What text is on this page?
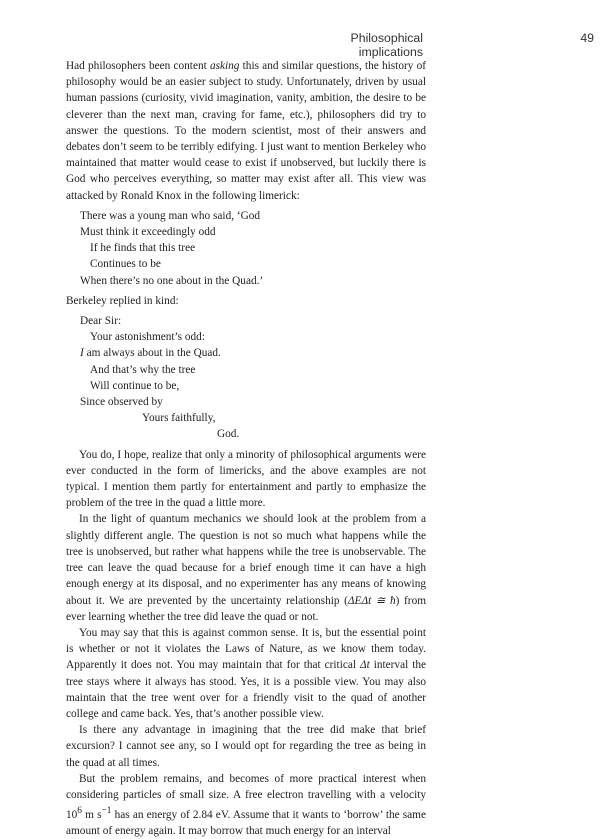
Philosophical implications
49

Had philosophers been content asking this and similar questions, the history of philosophy would be an easier subject to study. Unfortunately, driven by usual human passions (curiosity, vivid imagination, vanity, ambition, the desire to be cleverer than the next man, craving for fame, etc.), philosophers did try to answer the questions. To the modern scientist, most of their answers and debates don’t seem to be terribly edifying. I just want to mention Berkeley who maintained that matter would cease to exist if unobserved, but luckily there is God who perceives everything, so matter may exist after all. This view was attacked by Ronald Knox in the following limerick:

There was a young man who said, ‘God
Must think it exceedingly odd
If he finds that this tree
Continues to be
When there’s no one about in the Quad.’

Berkeley replied in kind:

Dear Sir:
Your astonishment’s odd:
I am always about in the Quad.
And that’s why the tree
Will continue to be,
Since observed by
Yours faithfully,
God.

You do, I hope, realize that only a minority of philosophical arguments were ever conducted in the form of limericks, and the above examples are not typical. I mention them partly for entertainment and partly to emphasize the problem of the tree in the quad a little more.

In the light of quantum mechanics we should look at the problem from a slightly different angle. The question is not so much what happens while the tree is unobserved, but rather what happens while the tree is unobservable. The tree can leave the quad because for a brief enough time it can have a high enough energy at its disposal, and no experimenter has any means of knowing about it. We are prevented by the uncertainty relationship (ΔEΔt ≅ ħ) from ever learning whether the tree did leave the quad or not.

You may say that this is against common sense. It is, but the essential point is whether or not it violates the Laws of Nature, as we know them today. Apparently it does not. You may maintain that for that critical Δt interval the tree stays where it always has stood. Yes, it is a possible view. You may also maintain that the tree went over for a friendly visit to the quad of another college and came back. Yes, that’s another possible view.

Is there any advantage in imagining that the tree did make that brief excursion? I cannot see any, so I would opt for regarding the tree as being in the quad at all times.

But the problem remains, and becomes of more practical interest when considering particles of small size. A free electron travelling with a velocity $10^6$ m $s^{-1}$ has an energy of 2.84 eV. Assume that it wants to ‘borrow’ the same amount of energy again. It may borrow that much energy for an interval
